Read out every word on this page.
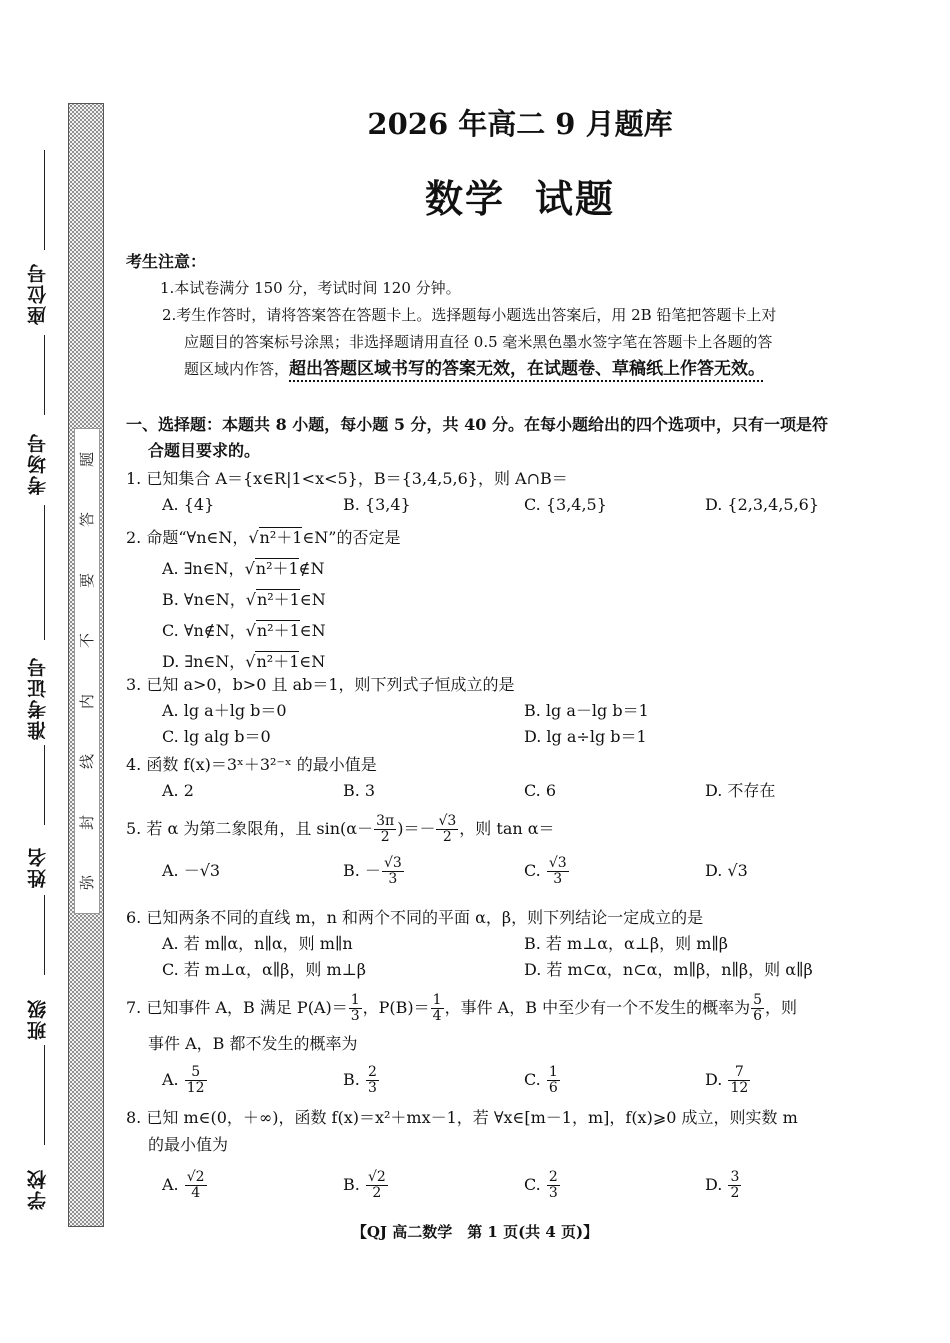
座位号
考场号
准考证号
姓名
班级
学校
题
答
要
不
内
线
封
弥
2026 年高二 9 月题库
数学 试题
考生注意：
1.本试卷满分 150 分，考试时间 120 分钟。
2.考生作答时，请将答案答在答题卡上。选择题每小题选出答案后，用 2B 铅笔把答题卡上对
应题目的答案标号涂黑；非选择题请用直径 0.5 毫米黑色墨水签字笔在答题卡上各题的答
题区域内作答，超出答题区域书写的答案无效，在试题卷、草稿纸上作答无效。
一、选择题：本题共 8 小题，每小题 5 分，共 40 分。在每小题给出的四个选项中，只有一项是符
合题目要求的。
1. 已知集合 A＝{x∈R|1<x<5}，B＝{3,4,5,6}，则 A∩B＝
A. {4}	B. {3,4}	C. {3,4,5}	D. {2,3,4,5,6}
2. 命题“∀n∈N，√n²＋1∈N”的否定是
A. ∃n∈N，√n²＋1∉N
B. ∀n∈N，√n²＋1∈N
C. ∀n∉N，√n²＋1∈N
D. ∃n∈N，√n²＋1∈N
3. 已知 a>0，b>0 且 ab＝1，则下列式子恒成立的是
A. lg a＋lg b＝0	B. lg a－lg b＝1
C. lg alg b＝0	D. lg a÷lg b＝1
4. 函数 f(x)＝3ˣ＋3²⁻ˣ 的最小值是
A. 2	B. 3	C. 6	D. 不存在
5. 若 α 为第二象限角，且 $\sin(\alpha- \frac{3\pi}{2}$ )＝－ $\frac{√3}{2}$ ，则 tan α＝
A. －√3	B. － $\frac{√3}{3}$	C. $\frac{√3}{3}$	D. √3
6. 已知两条不同的直线 m，n 和两个不同的平面 α，β，则下列结论一定成立的是
A. 若 m∥α，n∥α，则 m∥n	B. 若 m⊥α，α⊥β，则 m∥β
C. 若 m⊥α，α∥β，则 m⊥β	D. 若 m⊂α，n⊂α，m∥β，n∥β，则 α∥β
7. 已知事件 A，B 满足 $P(A)= \frac{1}{3}$ ，$P(B)= \frac{1}{4}$ ，事件 A，B 中至少有一个不发生的概率为 $\frac{5}{6}$ ，则
事件 A，B 都不发生的概率为
A. $\frac{5}{12}$	B. $\frac{2}{3}$	C. $\frac{1}{6}$	D. $\frac{7}{12}$
8. 已知 m∈(0，＋∞)，函数 f(x)＝x²＋mx－1，若 ∀x∈[m－1，m]，f(x)⩾0 成立，则实数 m
的最小值为
A. $\frac{√2}{4}$	B. $\frac{√2}{2}$	C. $\frac{2}{3}$	D. $\frac{3}{2}$
【QJ 高二数学　第 1 页(共 4 页)】
